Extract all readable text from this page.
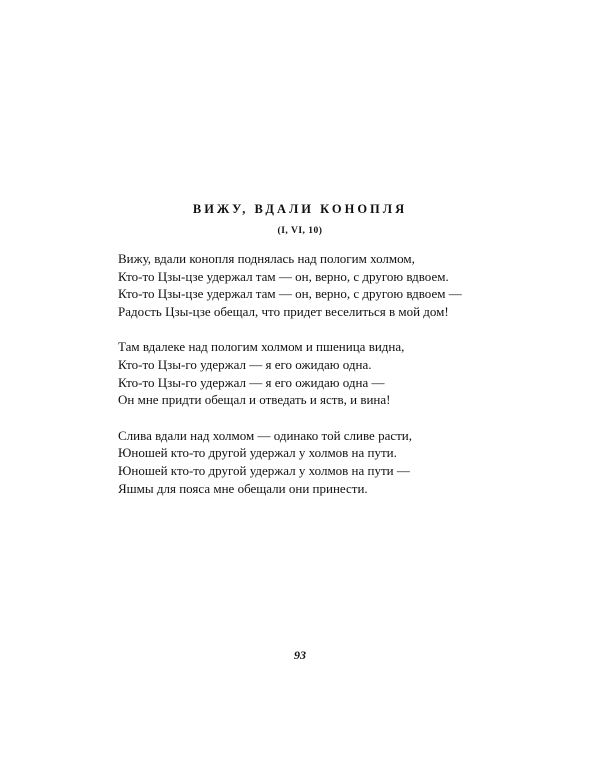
ВИЖУ, ВДАЛИ КОНОПЛЯ
(I, VI, 10)

Вижу, вдали конопля поднялась над пологим холмом,

Кто-то Цзы-цзе удержал там — он, верно, с другою вдвоем.

Кто-то Цзы-цзе удержал там — он, верно, с другою вдвоем —

Радость Цзы-цзе обещал, что придет веселиться в мой дом!

Там вдалеке над пологим холмом и пшеница видна,

Кто-то Цзы-го удержал — я его ожидаю одна.

Кто-то Цзы-го удержал — я его ожидаю одна —

Он мне придти обещал и отведать и яств, и вина!

Слива вдали над холмом — одинако той сливе расти,

Юношей кто-то другой удержал у холмов на пути.

Юношей кто-то другой удержал у холмов на пути —

Яшмы для пояса мне обещали они принести.

93
